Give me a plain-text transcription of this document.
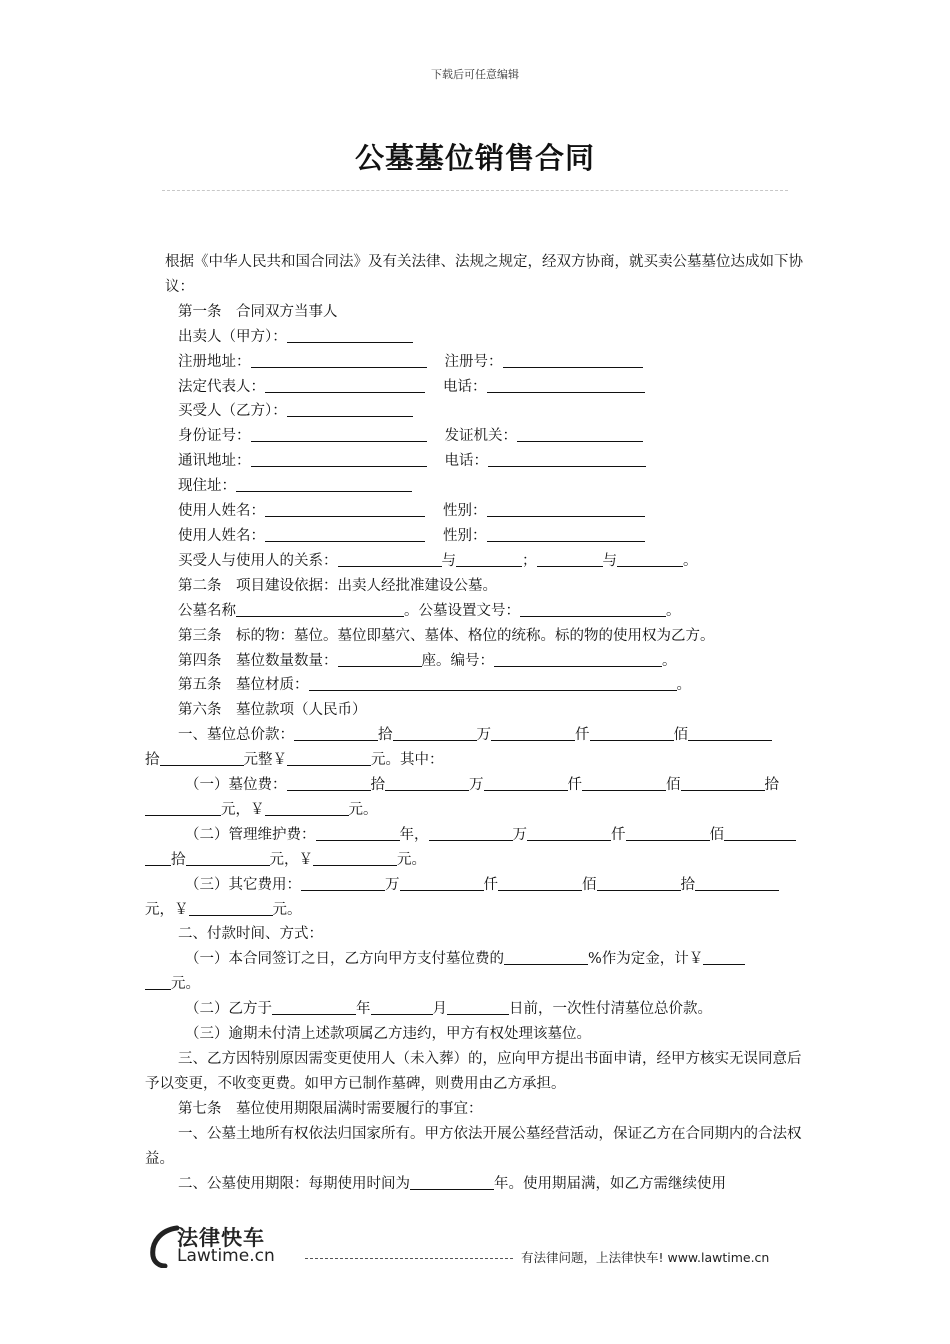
下载后可任意编辑
公墓墓位销售合同

根据《中华人民共和国合同法》及有关法律、法规之规定，经双方协商，就买卖公墓墓位达成如下协议：

第一条　合同双方当事人

出卖人（甲方）：

注册地址：	注册号：

法定代表人：	电话：

买受人（乙方）：

身份证号：	发证机关：

通讯地址：	电话：

现住址：

使用人姓名：	性别：

使用人姓名：	性别：

买受人与使用人的关系：	与	；	与	。

第二条　项目建设依据：出卖人经批准建设公墓。

公墓名称	。公墓设置文号：	。

第三条　标的物：墓位。墓位即墓穴、墓体、格位的统称。标的物的使用权为乙方。

第四条　墓位数量数量：	座。编号：	。

第五条　墓位材质：	。

第六条　墓位款项（人民币）

一、墓位总价款：	拾	万	仟	佰

拾	元整￥	元。其中：

（一）墓位费：	拾	万	仟	佰	拾

元，￥	元。

（二）管理维护费：	年，	万	仟	佰

拾	元，￥	元。

（三）其它费用：	万	仟	佰	拾

元，￥	元。

二、付款时间、方式：

（一）本合同签订之日，乙方向甲方支付墓位费的	%作为定金，计￥

元。

（二）乙方于	年	月	日前，一次性付清墓位总价款。

（三）逾期未付清上述款项属乙方违约，甲方有权处理该墓位。

三、乙方因特别原因需变更使用人（未入葬）的，应向甲方提出书面申请，经甲方核实无误同意后予以变更，不收变更费。如甲方已制作墓碑，则费用由乙方承担。

第七条　墓位使用期限届满时需要履行的事宜：

一、公墓土地所有权依法归国家所有。甲方依法开展公墓经营活动，保证乙方在合同期内的合法权益。

二、公墓使用期限：每期使用时间为	年。使用期届满，如乙方需继续使用

法律快车
Lawtime.cn	有法律问题，上法律快车! www.lawtime.cn
